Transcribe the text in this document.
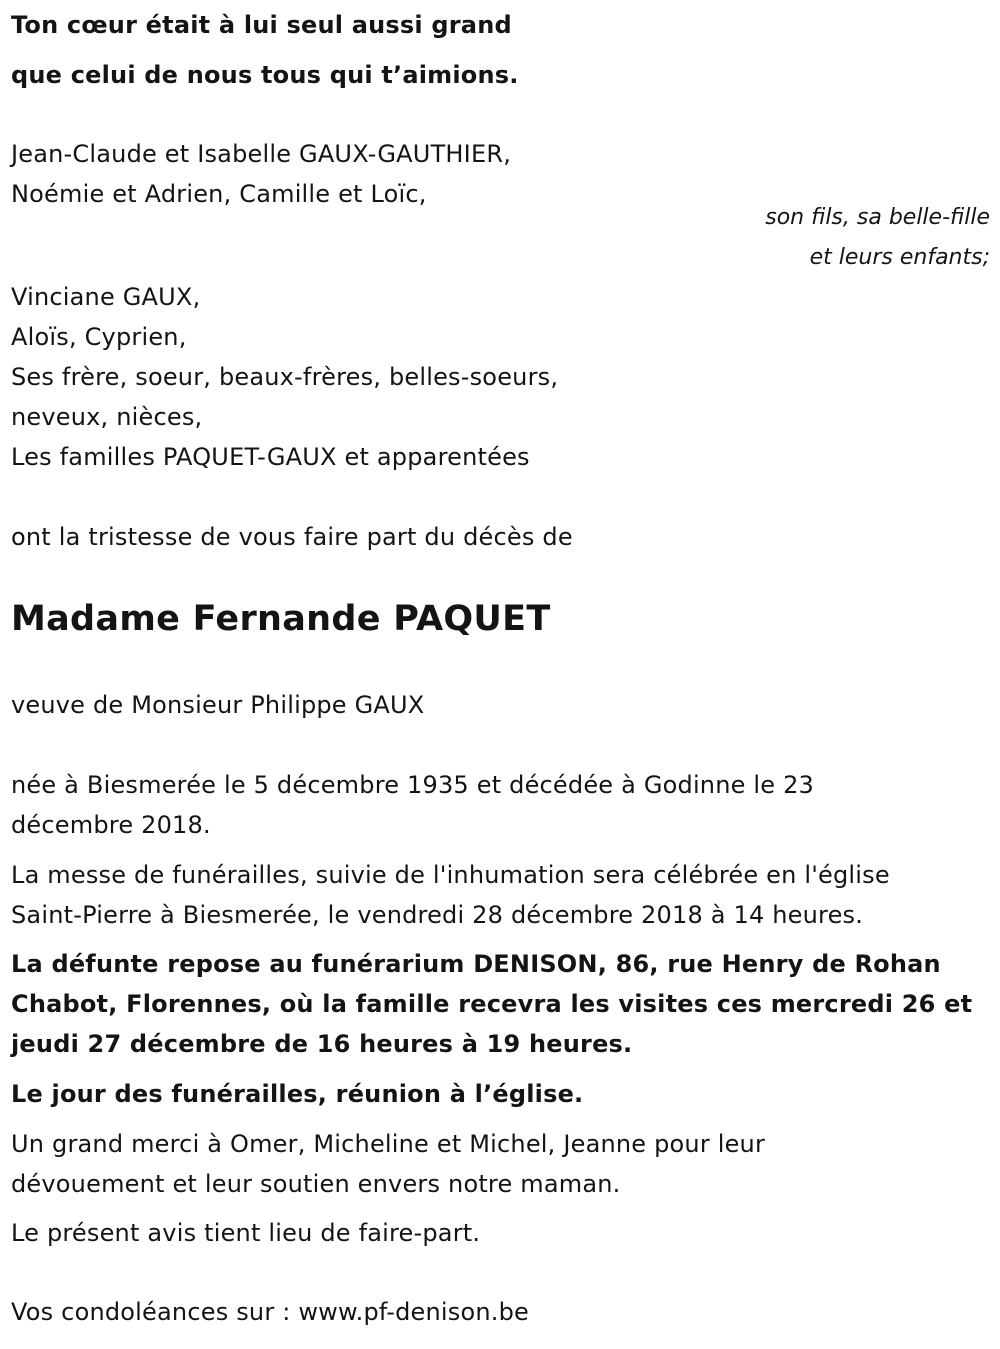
Ton cœur était à lui seul aussi grand
que celui de nous tous qui t’aimions.
Jean-Claude et Isabelle GAUX-GAUTHIER,
Noémie et Adrien, Camille et Loïc,
son fils, sa belle-fille
et leurs enfants;
Vinciane GAUX,
Aloïs, Cyprien,
Ses frère, soeur, beaux-frères, belles-soeurs,
neveux, nièces,
Les familles PAQUET-GAUX et apparentées
ont la tristesse de vous faire part du décès de
Madame Fernande PAQUET
veuve de Monsieur Philippe GAUX
née à Biesmerée le 5 décembre 1935 et décédée à Godinne le 23
décembre 2018.
La messe de funérailles, suivie de l'inhumation sera célébrée en l'église
Saint-Pierre à Biesmerée, le vendredi 28 décembre 2018 à 14 heures.
La défunte repose au funérarium DENISON, 86, rue Henry de Rohan
Chabot, Florennes, où la famille recevra les visites ces mercredi 26 et
jeudi 27 décembre de 16 heures à 19 heures.
Le jour des funérailles, réunion à l’église.
Un grand merci à Omer, Micheline et Michel, Jeanne pour leur
dévouement et leur soutien envers notre maman.
Le présent avis tient lieu de faire-part.
Vos condoléances sur : www.pf-denison.be
